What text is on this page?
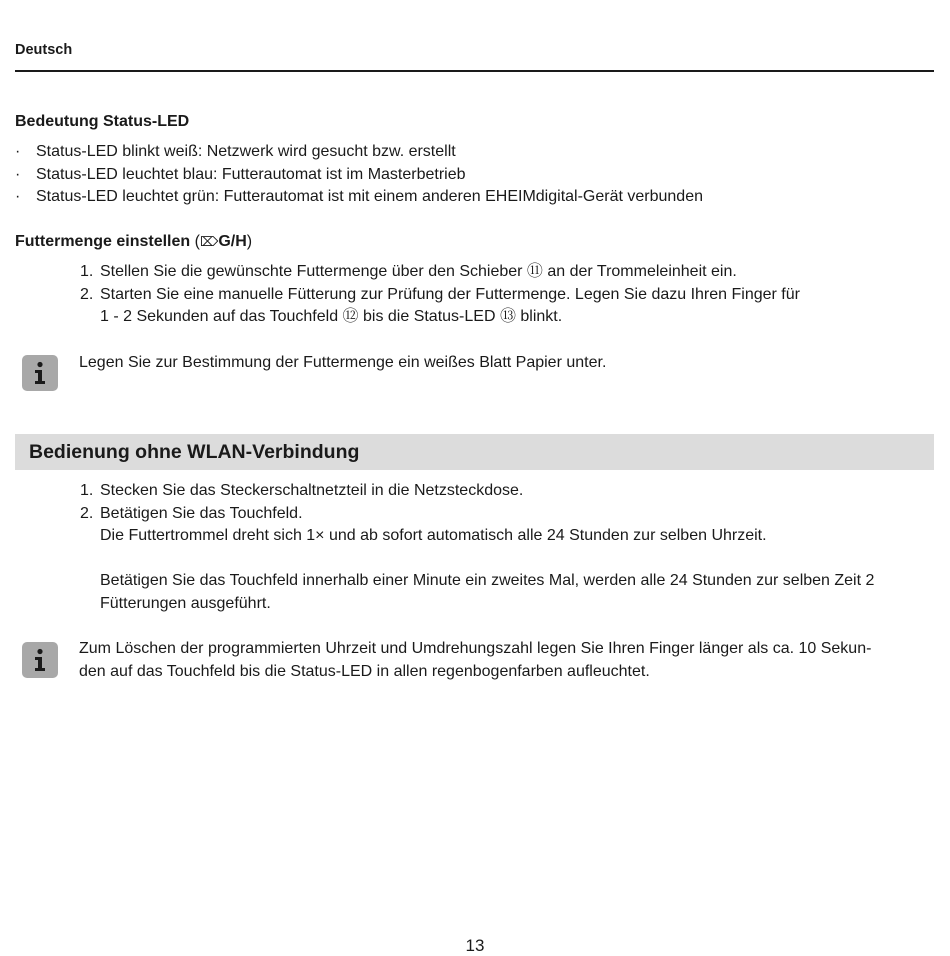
Deutsch
Bedeutung Status-LED
· Status-LED blinkt weiß: Netzwerk wird gesucht bzw. erstellt
· Status-LED leuchtet blau: Futterautomat ist im Masterbetrieb
· Status-LED leuchtet grün: Futterautomat ist mit einem anderen EHEIMdigital-Gerät verbunden
Futtermenge einstellen (⌦G/H)
1. Stellen Sie die gewünschte Futtermenge über den Schieber ⑪ an der Trommeleinheit ein.
2. Starten Sie eine manuelle Fütterung zur Prüfung der Futtermenge. Legen Sie dazu Ihren Finger für
1 - 2 Sekunden auf das Touchfeld ⑫ bis die Status-LED ⑬ blinkt.
Legen Sie zur Bestimmung der Futtermenge ein weißes Blatt Papier unter.
Bedienung ohne WLAN-Verbindung
1. Stecken Sie das Steckerschaltnetzteil in die Netzsteckdose.
2. Betätigen Sie das Touchfeld.
Die Futtertrommel dreht sich 1× und ab sofort automatisch alle 24 Stunden zur selben Uhrzeit.
Betätigen Sie das Touchfeld innerhalb einer Minute ein zweites Mal, werden alle 24 Stunden zur selben Zeit 2
Fütterungen ausgeführt.
Zum Löschen der programmierten Uhrzeit und Umdrehungszahl legen Sie Ihren Finger länger als ca. 10 Sekun-
den auf das Touchfeld bis die Status-LED in allen regenbogenfarben aufleuchtet.
13
